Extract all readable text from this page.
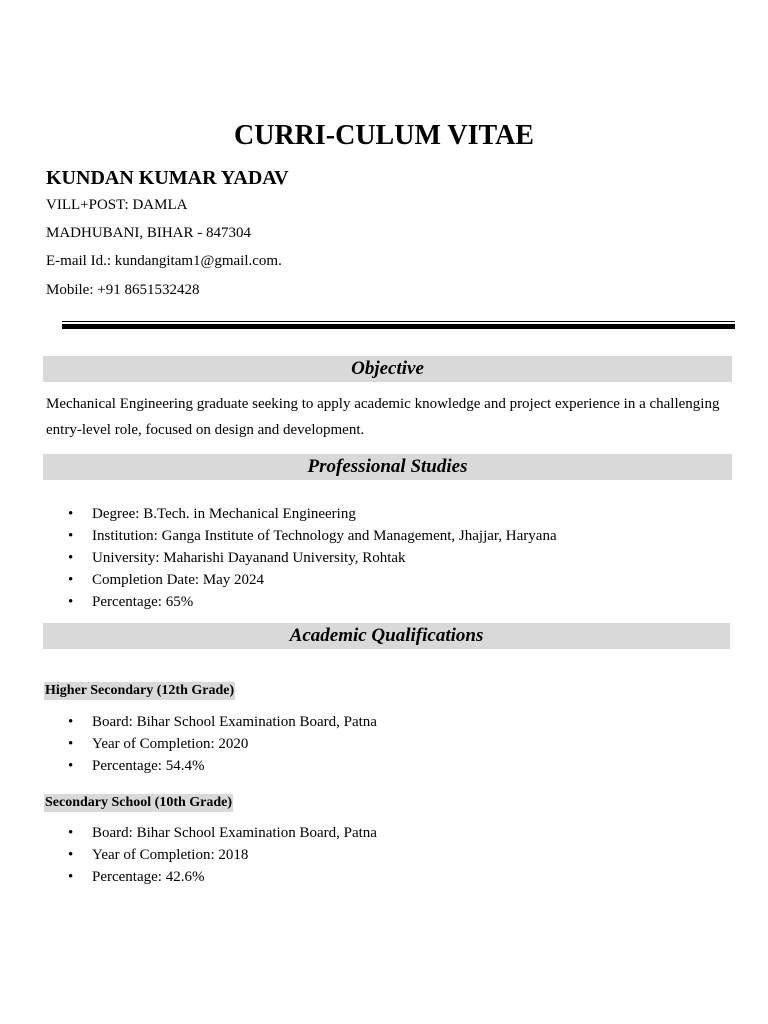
CURRI-CULUM VITAE
KUNDAN KUMAR YADAV
VILL+POST: DAMLA
MADHUBANI, BIHAR - 847304
E-mail Id.: kundangitam1@gmail.com.
Mobile: +91 8651532428
Objective
Mechanical Engineering graduate seeking to apply academic knowledge and project experience in a challenging
entry-level role, focused on design and development.
Professional Studies
• Degree: B.Tech. in Mechanical Engineering
• Institution: Ganga Institute of Technology and Management, Jhajjar, Haryana
• University: Maharishi Dayanand University, Rohtak
• Completion Date: May 2024
• Percentage: 65%
Academic Qualifications
Higher Secondary (12th Grade)
• Board: Bihar School Examination Board, Patna
• Year of Completion: 2020
• Percentage: 54.4%
Secondary School (10th Grade)
• Board: Bihar School Examination Board, Patna
• Year of Completion: 2018
• Percentage: 42.6%
